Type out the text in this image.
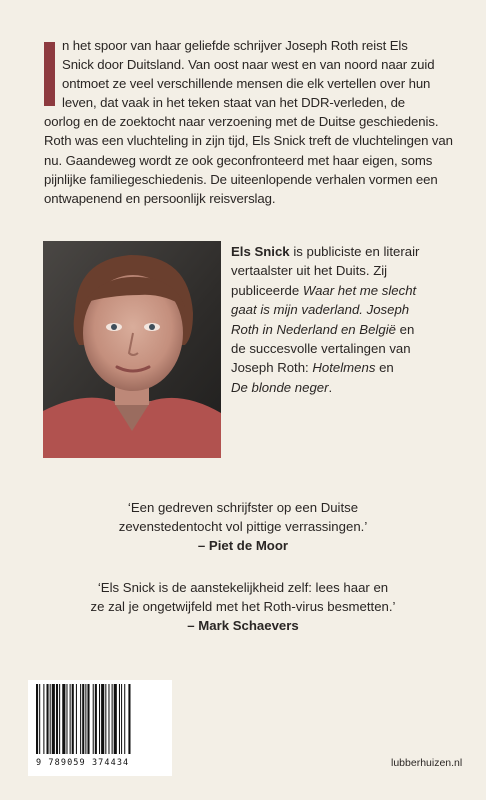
n het spoor van haar geliefde schrijver Joseph Roth reist Els
Snick door Duitsland. Van oost naar west en van noord naar zuid
ontmoet ze veel verschillende mensen die elk vertellen over hun
leven, dat vaak in het teken staat van het DDR-verleden, de
oorlog en de zoektocht naar verzoening met de Duitse geschiedenis.
Roth was een vluchteling in zijn tijd, Els Snick treft de vluchtelingen van
nu. Gaandeweg wordt ze ook geconfronteerd met haar eigen, soms
pijnlijke familiegeschiedenis. De uiteenlopende verhalen vormen een
ontwapenend en persoonlijk reisverslag.
Els Snick is publiciste en literair
vertaalster uit het Duits. Zij
publiceerde Waar het me slecht
gaat is mijn vaderland. Joseph
Roth in Nederland en België en
de succesvolle vertalingen van
Joseph Roth: Hotelmens en
De blonde neger.
‘Een gedreven schrijfster op een Duitse
zevenstedentocht vol pittige verrassingen.’
– Piet de Moor
‘Els Snick is de aanstekelijkheid zelf: lees haar en
ze zal je ongetwijfeld met het Roth-virus besmetten.’
– Mark Schaevers
9 789059 374434	lubberhuizen.nl
